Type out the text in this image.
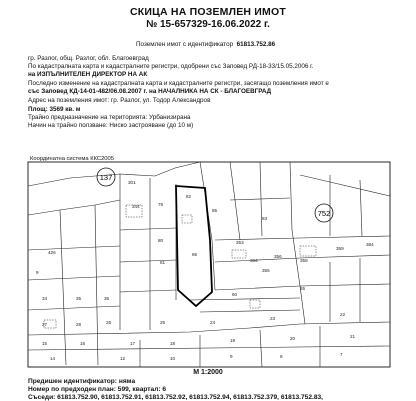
СКИЦА НА ПОЗЕМЛЕН ИМОТ
№ 15-657329-16.06.2022 г.
Поземлен имот с идентификатор 61813.752.86
гр. Разлог, общ. Разлог, обл. Благоевград
По кадастралната карта и кадастралните регистри, одобрени със Заповед РД-18-33/15.05.2006 г.
на ИЗПЪЛНИТЕЛЕН ДИРЕКТОР НА АК
Последно изменение на кадастралната карта и кадастралните регистри, засягащо поземления имот е
със Заповед КД-14-01-482/06.08.2007 г. на НАЧАЛНИКА НА СК - БЛАГОЕВГРАД
Адрес на поземления имот: гр. Разлог, ул. Тодор Александров
Площ: 3569 кв. м
Трайно предназначение на територията: Урбанизирана
Начин на трайно ползване: Ниско застрояване (до 10 м)
Координатна система ККС2005
137
752
301
344	79
80
81
82
86
85
426
9
353
354
355
356
358
359
384
34	35	36
27	28	26	25	24
23
22
15	16	17	18
19	20	21
14	12	10	9	8	7
83
65
60
М 1:2000
Предишен идентификатор: няма
Номер по предходен план: 599, квартал: 6
Съседи: 61813.752.90, 61813.752.91, 61813.752.92, 61813.752.94, 61813.752.379, 61813.752.83,
